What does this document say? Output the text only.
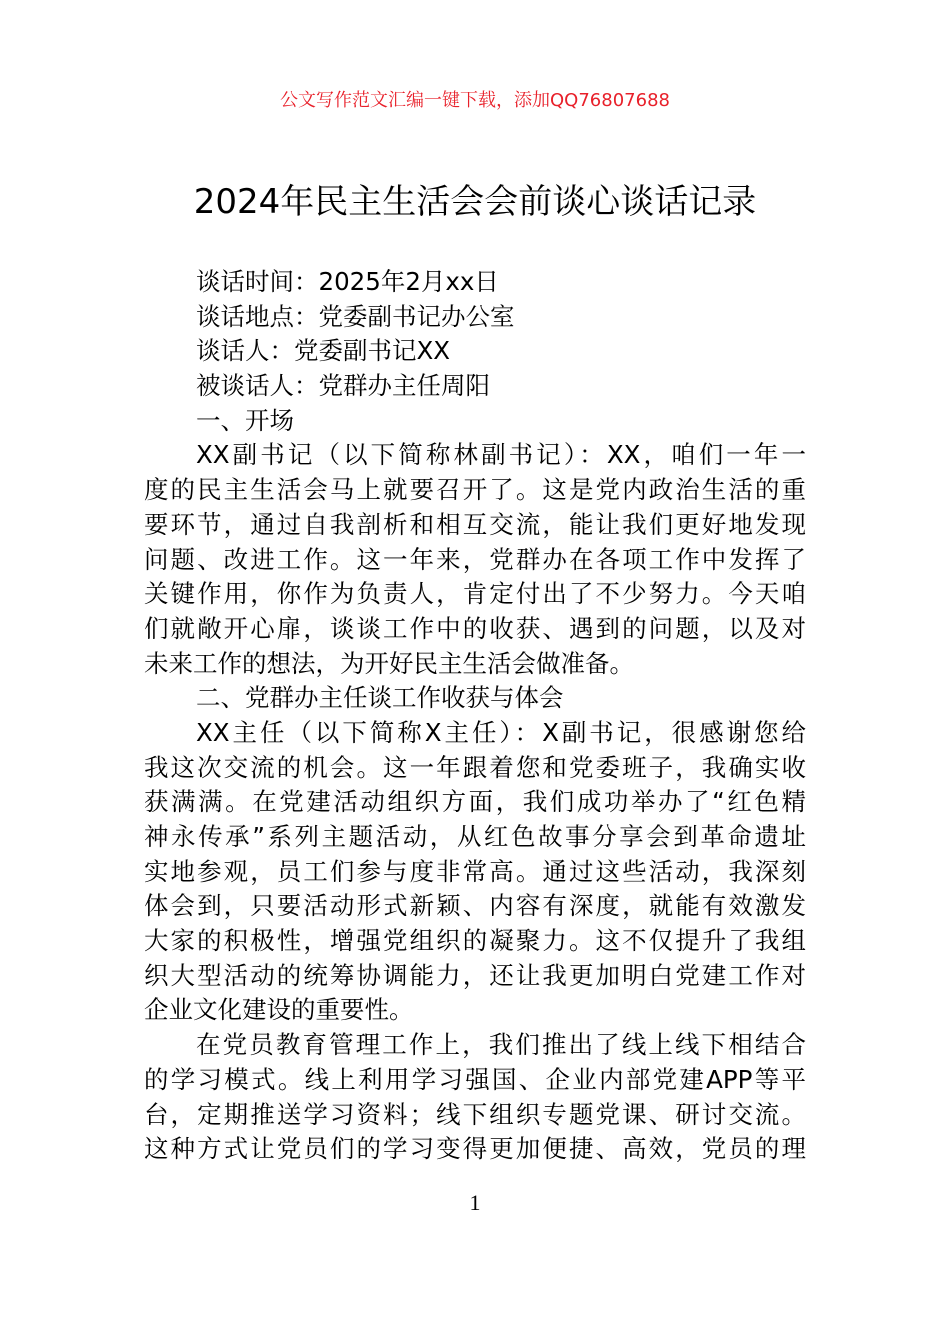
公文写作范文汇编一键下载，添加QQ76807688
2024年民主生活会会前谈心谈话记录
谈话时间：2025年2月xx日
谈话地点：党委副书记办公室
谈话人：党委副书记XX
被谈话人：党群办主任周阳
一、开场
XX副书记（以下简称林副书记）：XX，咱们一年一
度的民主生活会马上就要召开了。这是党内政治生活的重
要环节，通过自我剖析和相互交流，能让我们更好地发现
问题、改进工作。这一年来，党群办在各项工作中发挥了
关键作用，你作为负责人，肯定付出了不少努力。今天咱
们就敞开心扉，谈谈工作中的收获、遇到的问题，以及对
未来工作的想法，为开好民主生活会做准备。
二、党群办主任谈工作收获与体会
XX主任（以下简称X主任）：X副书记，很感谢您给
我这次交流的机会。这一年跟着您和党委班子，我确实收
获满满。在党建活动组织方面，我们成功举办了“红色精
神永传承”系列主题活动，从红色故事分享会到革命遗址
实地参观，员工们参与度非常高。通过这些活动，我深刻
体会到，只要活动形式新颖、内容有深度，就能有效激发
大家的积极性，增强党组织的凝聚力。这不仅提升了我组
织大型活动的统筹协调能力，还让我更加明白党建工作对
企业文化建设的重要性。
在党员教育管理工作上，我们推出了线上线下相结合
的学习模式。线上利用学习强国、企业内部党建APP等平
台，定期推送学习资料；线下组织专题党课、研讨交流。
这种方式让党员们的学习变得更加便捷、高效，党员的理
1
